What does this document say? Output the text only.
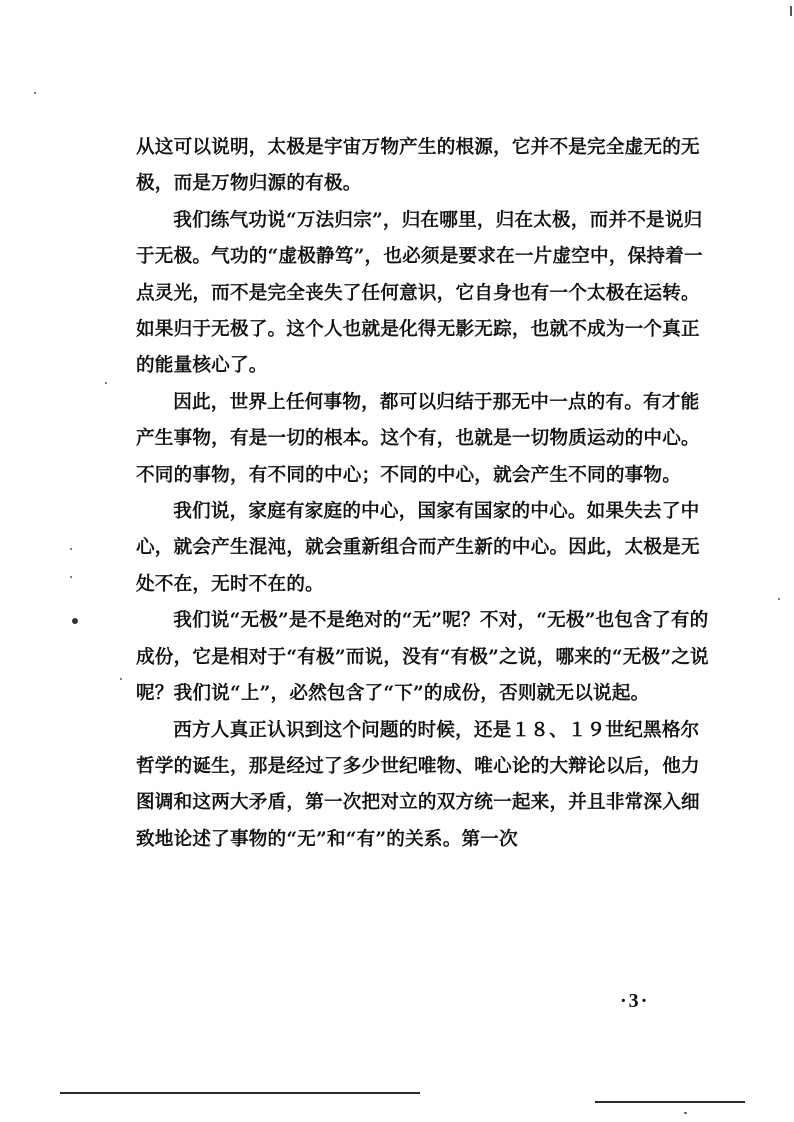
从这可以说明，太极是宇宙万物产生的根源，它并不是完全虚无的无极，而是万物归源的有极。

我们练气功说“万法归宗”，归在哪里，归在太极，而并不是说归于无极。气功的“虚极静笃”，也必须是要求在一片虚空中，保持着一点灵光，而不是完全丧失了任何意识，它自身也有一个太极在运转。如果归于无极了。这个人也就是化得无影无踪，也就不成为一个真正的能量核心了。

因此，世界上任何事物，都可以归结于那无中一点的有。有才能产生事物，有是一切的根本。这个有，也就是一切物质运动的中心。不同的事物，有不同的中心；不同的中心，就会产生不同的事物。

我们说，家庭有家庭的中心，国家有国家的中心。如果失去了中心，就会产生混沌，就会重新组合而产生新的中心。因此，太极是无处不在，无时不在的。

我们说“无极”是不是绝对的“无”呢？不对，“无极”也包含了有的成份，它是相对于“有极”而说，没有“有极”之说，哪来的“无极”之说呢？我们说“上”，必然包含了“下”的成份，否则就无以说起。

西方人真正认识到这个问题的时候，还是１８、１９世纪黑格尔哲学的诞生，那是经过了多少世纪唯物、唯心论的大辩论以后，他力图调和这两大矛盾，第一次把对立的双方统一起来，并且非常深入细致地论述了事物的“无”和“有”的关系。第一次

·3·
